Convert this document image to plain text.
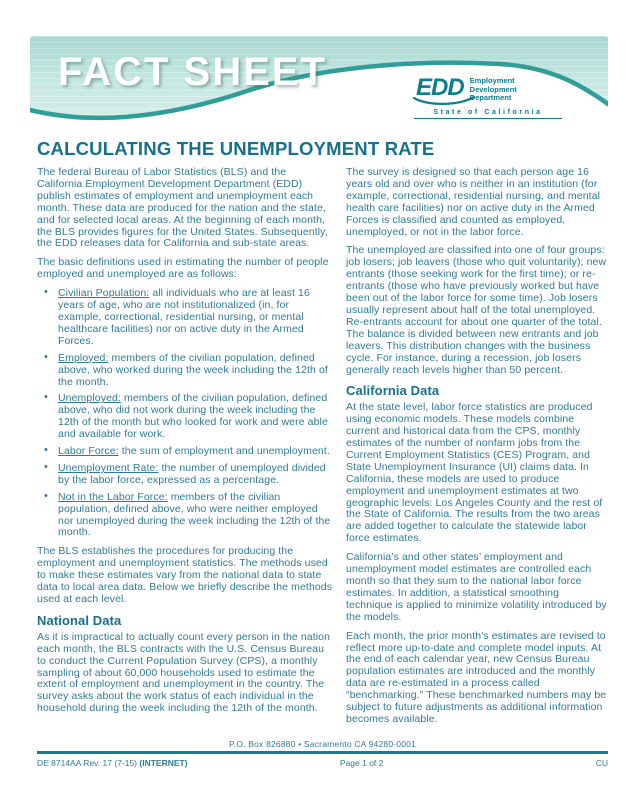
FACT SHEET	EDD Employment
Development
Department
State of California
CALCULATING THE UNEMPLOYMENT RATE

The federal Bureau of Labor Statistics (BLS) and the California Employment Development Department (EDD) publish estimates of employment and unemployment each month. These data are produced for the nation and the state, and for selected local areas. At the beginning of each month, the BLS provides figures for the United States. Subsequently, the EDD releases data for California and sub-state areas.

The basic definitions used in estimating the number of people employed and unemployed are as follows:

• Civilian Population: all individuals who are at least 16 years of age, who are not institutionalized (in, for example, correctional, residential nursing, or mental healthcare facilities) nor on active duty in the Armed Forces.
• Employed: members of the civilian population, defined above, who worked during the week including the 12th of the month.
• Unemployed: members of the civilian population, defined above, who did not work during the week including the 12th of the month but who looked for work and were able and available for work.
• Labor Force: the sum of employment and unemployment.
• Unemployment Rate: the number of unemployed divided by the labor force, expressed as a percentage.
• Not in the Labor Force: members of the civilian population, defined above, who were neither employed nor unemployed during the week including the 12th of the month.

The BLS establishes the procedures for producing the employment and unemployment statistics. The methods used to make these estimates vary from the national data to state data to local area data. Below we briefly describe the methods used at each level.

National Data

As it is impractical to actually count every person in the nation each month, the BLS contracts with the U.S. Census Bureau to conduct the Current Population Survey (CPS), a monthly sampling of about 60,000 households used to estimate the extent of employment and unemployment in the country. The survey asks about the work status of each individual in the household during the week including the 12th of the month.

The survey is designed so that each person age 16 years old and over who is neither in an institution (for example, correctional, residential nursing, and mental health care facilities) nor on active duty in the Armed Forces is classified and counted as employed, unemployed, or not in the labor force.

The unemployed are classified into one of four groups: job losers; job leavers (those who quit voluntarily); new entrants (those seeking work for the first time); or re-entrants (those who have previously worked but have been out of the labor force for some time). Job losers usually represent about half of the total unemployed. Re-entrants account for about one quarter of the total. The balance is divided between new entrants and job leavers. This distribution changes with the business cycle. For instance, during a recession, job losers generally reach levels higher than 50 percent.

California Data

At the state level, labor force statistics are produced using economic models. These models combine current and historical data from the CPS, monthly estimates of the number of nonfarm jobs from the Current Employment Statistics (CES) Program, and State Unemployment Insurance (UI) claims data. In California, these models are used to produce employment and unemployment estimates at two geographic levels: Los Angeles County and the rest of the State of California. The results from the two areas are added together to calculate the statewide labor force estimates.

California’s and other states’ employment and unemployment model estimates are controlled each month so that they sum to the national labor force estimates. In addition, a statistical smoothing technique is applied to minimize volatility introduced by the models.

Each month, the prior month’s estimates are revised to reflect more up-to-date and complete model inputs. At the end of each calendar year, new Census Bureau population estimates are introduced and the monthly data are re-estimated in a process called “benchmarking.” These benchmarked numbers may be subject to future adjustments as additional information becomes available.

P.O. Box 826880 • Sacramento CA 94280-0001
DE 8714AA Rev. 17 (7-15) (INTERNET)	Page 1 of 2	CU
